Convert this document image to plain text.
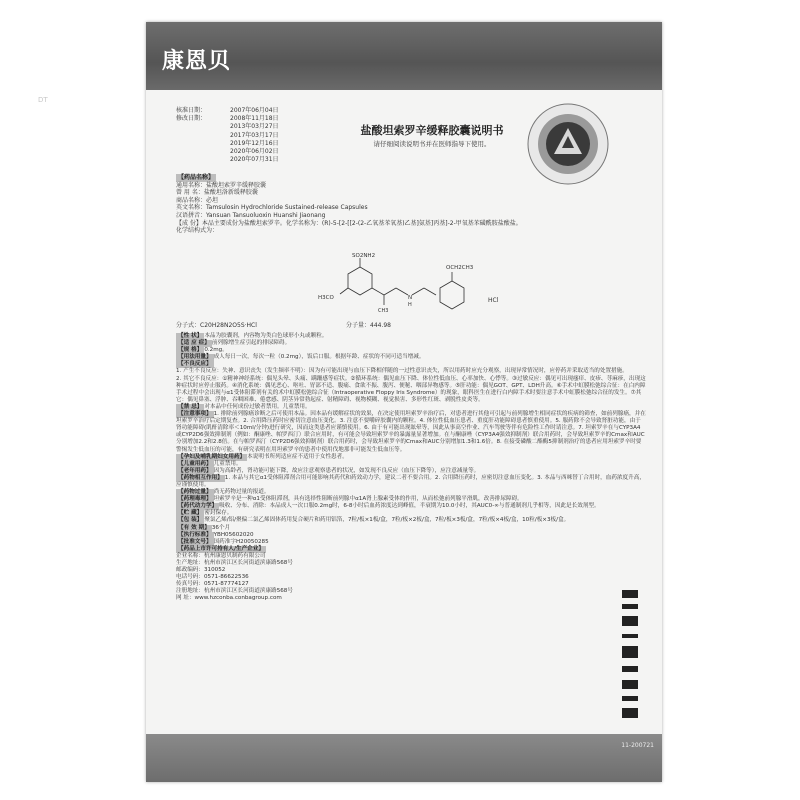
DT
康恩贝
核准日期：	2007年06月04日
修改日期：	2008年11月18日
2013年03月27日
2017年03月17日
2019年12月16日
2020年06月02日
2020年07月31日
盐酸坦索罗辛缓释胶囊说明书
请仔细阅读说明书并在医师指导下使用。
【药品名称】
通用名称：盐酸坦索罗辛缓释胶囊
曾 用 名：盐酸坦洛新缓释胶囊
商品名称：必坦
英文名称：Tamsulosin Hydrochloride Sustained-release Capsules
汉语拼音：Yansuan Tansuoluoxin Huanshi Jiaonang
【成 份】本品主要成份为盐酸坦索罗辛。化学名称为：(R)-5-[2-[[2-(2-乙氧基苯氧基)乙基]氨基]丙基]-2-甲氧基苯磺酰胺盐酸盐。
化学结构式为：
SO2NH2
H3CO	N
H
CH3
OCH2CH3
HCl
分子式：C20H28N2O5S·HCl	分子量：444.98
【性 状】 本品为胶囊剂，内容物为类白色球形小丸或颗粒。
【适 应 症】 前列腺增生症引起的排尿障碍。
【规 格】 0.2mg。
【用法用量】 成人每日一次，每次一粒（0.2mg），饭后口服。根据年龄、症状的不同可适当增减。
【不良反应】
1. 产生不良反应：失神、意识丧失（发生频率不明）：因为有可能出现与血压下降相伴随的一过性意识丧失，所以用药时应充分观察，出现异常情况时，应停药并采取适当的处置措施。
2. 其它不良反应：①精神神经系统：偶见头晕、头痛、蹒跚感等症状。②循环系统：偶见血压下降、体位性低血压、心率加快、心悸等。③过敏反应：偶见可出现瘙痒、皮疹、荨麻疹，出现这种症状时应停止服药。④消化系统：偶见恶心、呕吐、胃部不适、腹痛、食欲不振、腹泻、便秘、咽部异物感等。⑤肝功能：偶见GOT、GPT、LDH升高。⑥手术中虹膜松弛综合征：在白内障手术过程中会出现与α1受体阻滞剂有关的术中虹膜松弛综合征（Intraoperative Floppy Iris Syndrome）的现象，眼科医生在进行白内障手术时要注意手术中虹膜松弛综合征的发生。⑦其它：偶见鼻塞、浮肿、吞咽困难、倦怠感、阴茎异常勃起症、射精障碍、视物模糊、视觉损害、多形性红斑、剥脱性皮炎等。
【禁 忌】 对本品中任何成份过敏者禁用。儿童禁用。
【注意事项】 1. 排除前列腺癌诊断之后可使用本品。因本品有缓解症状的效果，在决定使用坦索罗辛治疗后，对患者进行其他可引起与前列腺增生相同症状的疾病的筛查，如前列腺癌，并在坦索罗辛治疗后定期复查。2. 合用降压药时应密切注意血压变化。3. 注意不要嚼碎胶囊内的颗粒。4. 体位性低血压患者、重度肝功能障碍患者慎重使用。5. 服药除不会导致肾脏功能，由于肾功能障碍(肌酐清除率＜10ml/分钟)进行研究，因而这类患者应谨慎使用。6. 由于有可能出现眩晕等，因此从事高空作业、汽车驾驶等伴有危险性工作时请注意。7. 坦索罗辛在与CYP3A4或CYP2D6强效抑制剂（例如：酮康唑、帕罗西汀）联合应用时，有可能会导致坦索罗辛的暴露量显著增加。在与酮康唑（CYP3A4强效抑制剂）联合用药时，会导致坦索罗辛的Cmax和AUC分别增加2.2和2.8倍。在与帕罗西汀（CYP2D6强效抑制剂）联合用药时，会导致坦索罗辛的Cmax和AUC分别增加1.3和1.6倍。8. 在接受磷酸二酯酶5抑制剂治疗的患者应用坦索罗辛时要警惕发生低血压的可能，有研究表明在用坦索罗辛的患者中使用伐地那非可能发生低血压等。
【孕妇及哺乳期妇女用药】 本说明书所列适应症不适用于女性患者。
【儿童用药】 儿童禁用。
【老年用药】 因为高龄者，肾功能可能下降，故应注意观察患者的状况，如发现不良反应（血压下降等），应注意减量等。
【药物相互作用】 1. 本品与其它α1受体阻滞剂合用可能影响其药代和药效动力学，建议二者不要合用。2. 合用降压药时，应密切注意血压变化。3. 本品与西咪替丁合用时，血药浓度升高，应谨慎使用。
【药物过量】 尚无药物过量的报道。
【药理毒理】 坦索罗辛是一种α1受体阻滞剂，具有选择性阻断前列腺中α1A肾上腺素受体的作用，从而松弛前列腺平滑肌，改善排尿障碍。
【药代动力学】 吸收、分布、消除：本品成人一次口服0.2mg时，6-8小时后血药浓度达到峰值，半衰期为10.0小时，其AUC0-∞与普通制剂几乎相等，因此是长效剂型。
【贮 藏】 密封保存。
【包 装】 聚氯乙烯/铝/聚偏二氯乙烯固体药用复合硬片和药用铝箔，7粒/板×1板/盒，7粒/板×2板/盒，7粒/板×3板/盒，7粒/板×4板/盒，10粒/板×3板/盒。
【有 效 期】 36个月
【执行标准】 YBH05602020
【批准文号】 国药准字H20050285
【药品上市许可持有人/生产企业】
企业名称：杭州康恩贝制药有限公司
生产地址：杭州市滨江区长河街道滨康路568号
邮政编码：310052
电话号码：0571-86622536
传真号码：0571-87774127
注册地址：杭州市滨江区长河街道滨康路568号
网 址：www.hzconba.conbagroup.com
11-200721
